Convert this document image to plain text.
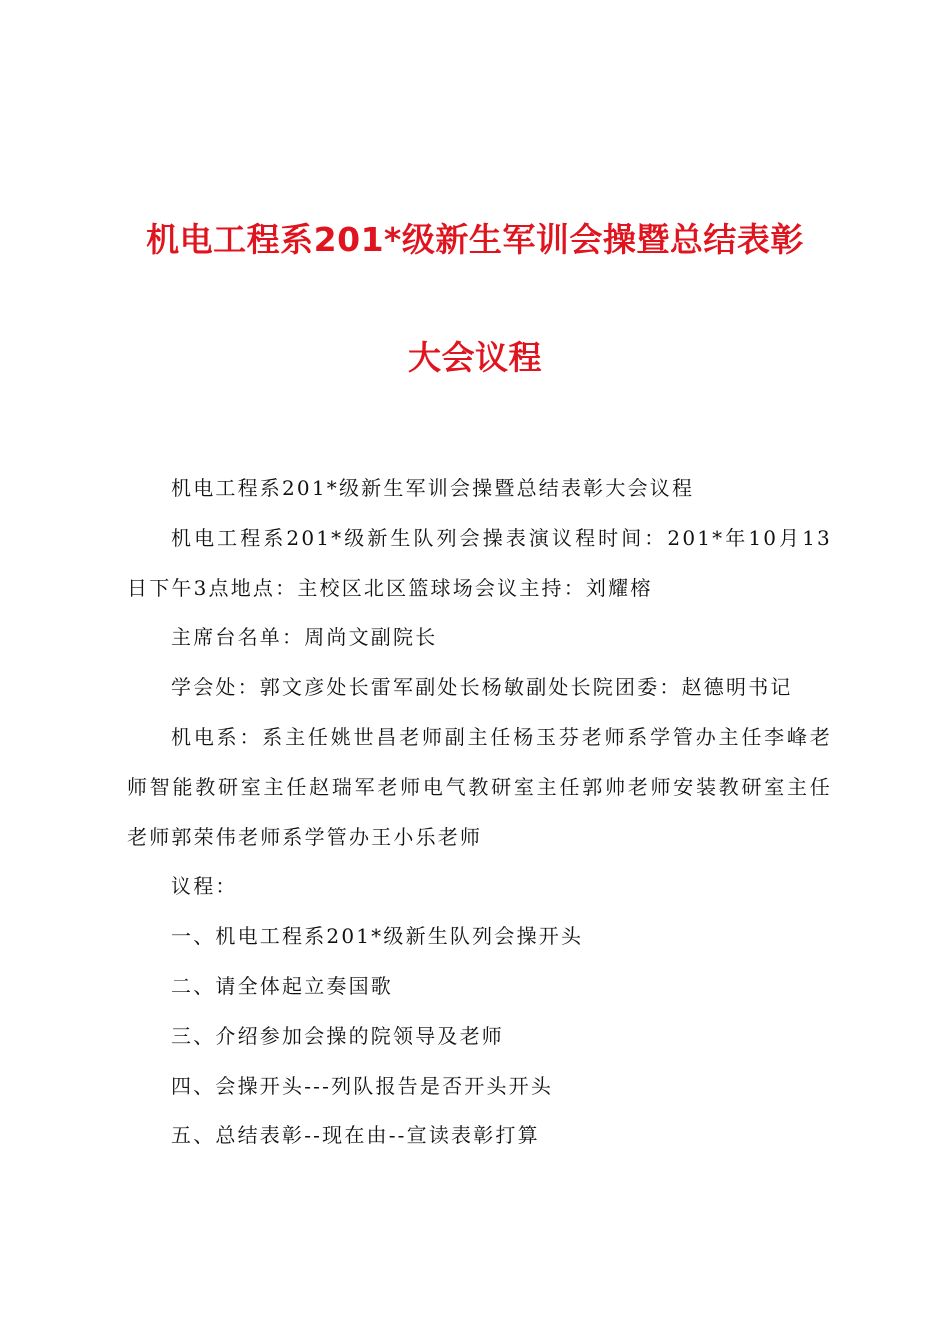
机电工程系201*级新生军训会操暨总结表彰
大会议程

机电工程系201*级新生军训会操暨总结表彰大会议程

机电工程系201*级新生队列会操表演议程时间：201*年10月13日下午3点地点：主校区北区篮球场会议主持：刘耀榕

主席台名单：周尚文副院长

学会处：郭文彦处长雷军副处长杨敏副处长院团委：赵德明书记

机电系：系主任姚世昌老师副主任杨玉芬老师系学管办主任李峰老师智能教研室主任赵瑞军老师电气教研室主任郭帅老师安装教研室主任老师郭荣伟老师系学管办王小乐老师

议程：

一、机电工程系201*级新生队列会操开头

二、请全体起立奏国歌

三、介绍参加会操的院领导及老师

四、会操开头---列队报告是否开头开头

五、总结表彰--现在由--宣读表彰打算
